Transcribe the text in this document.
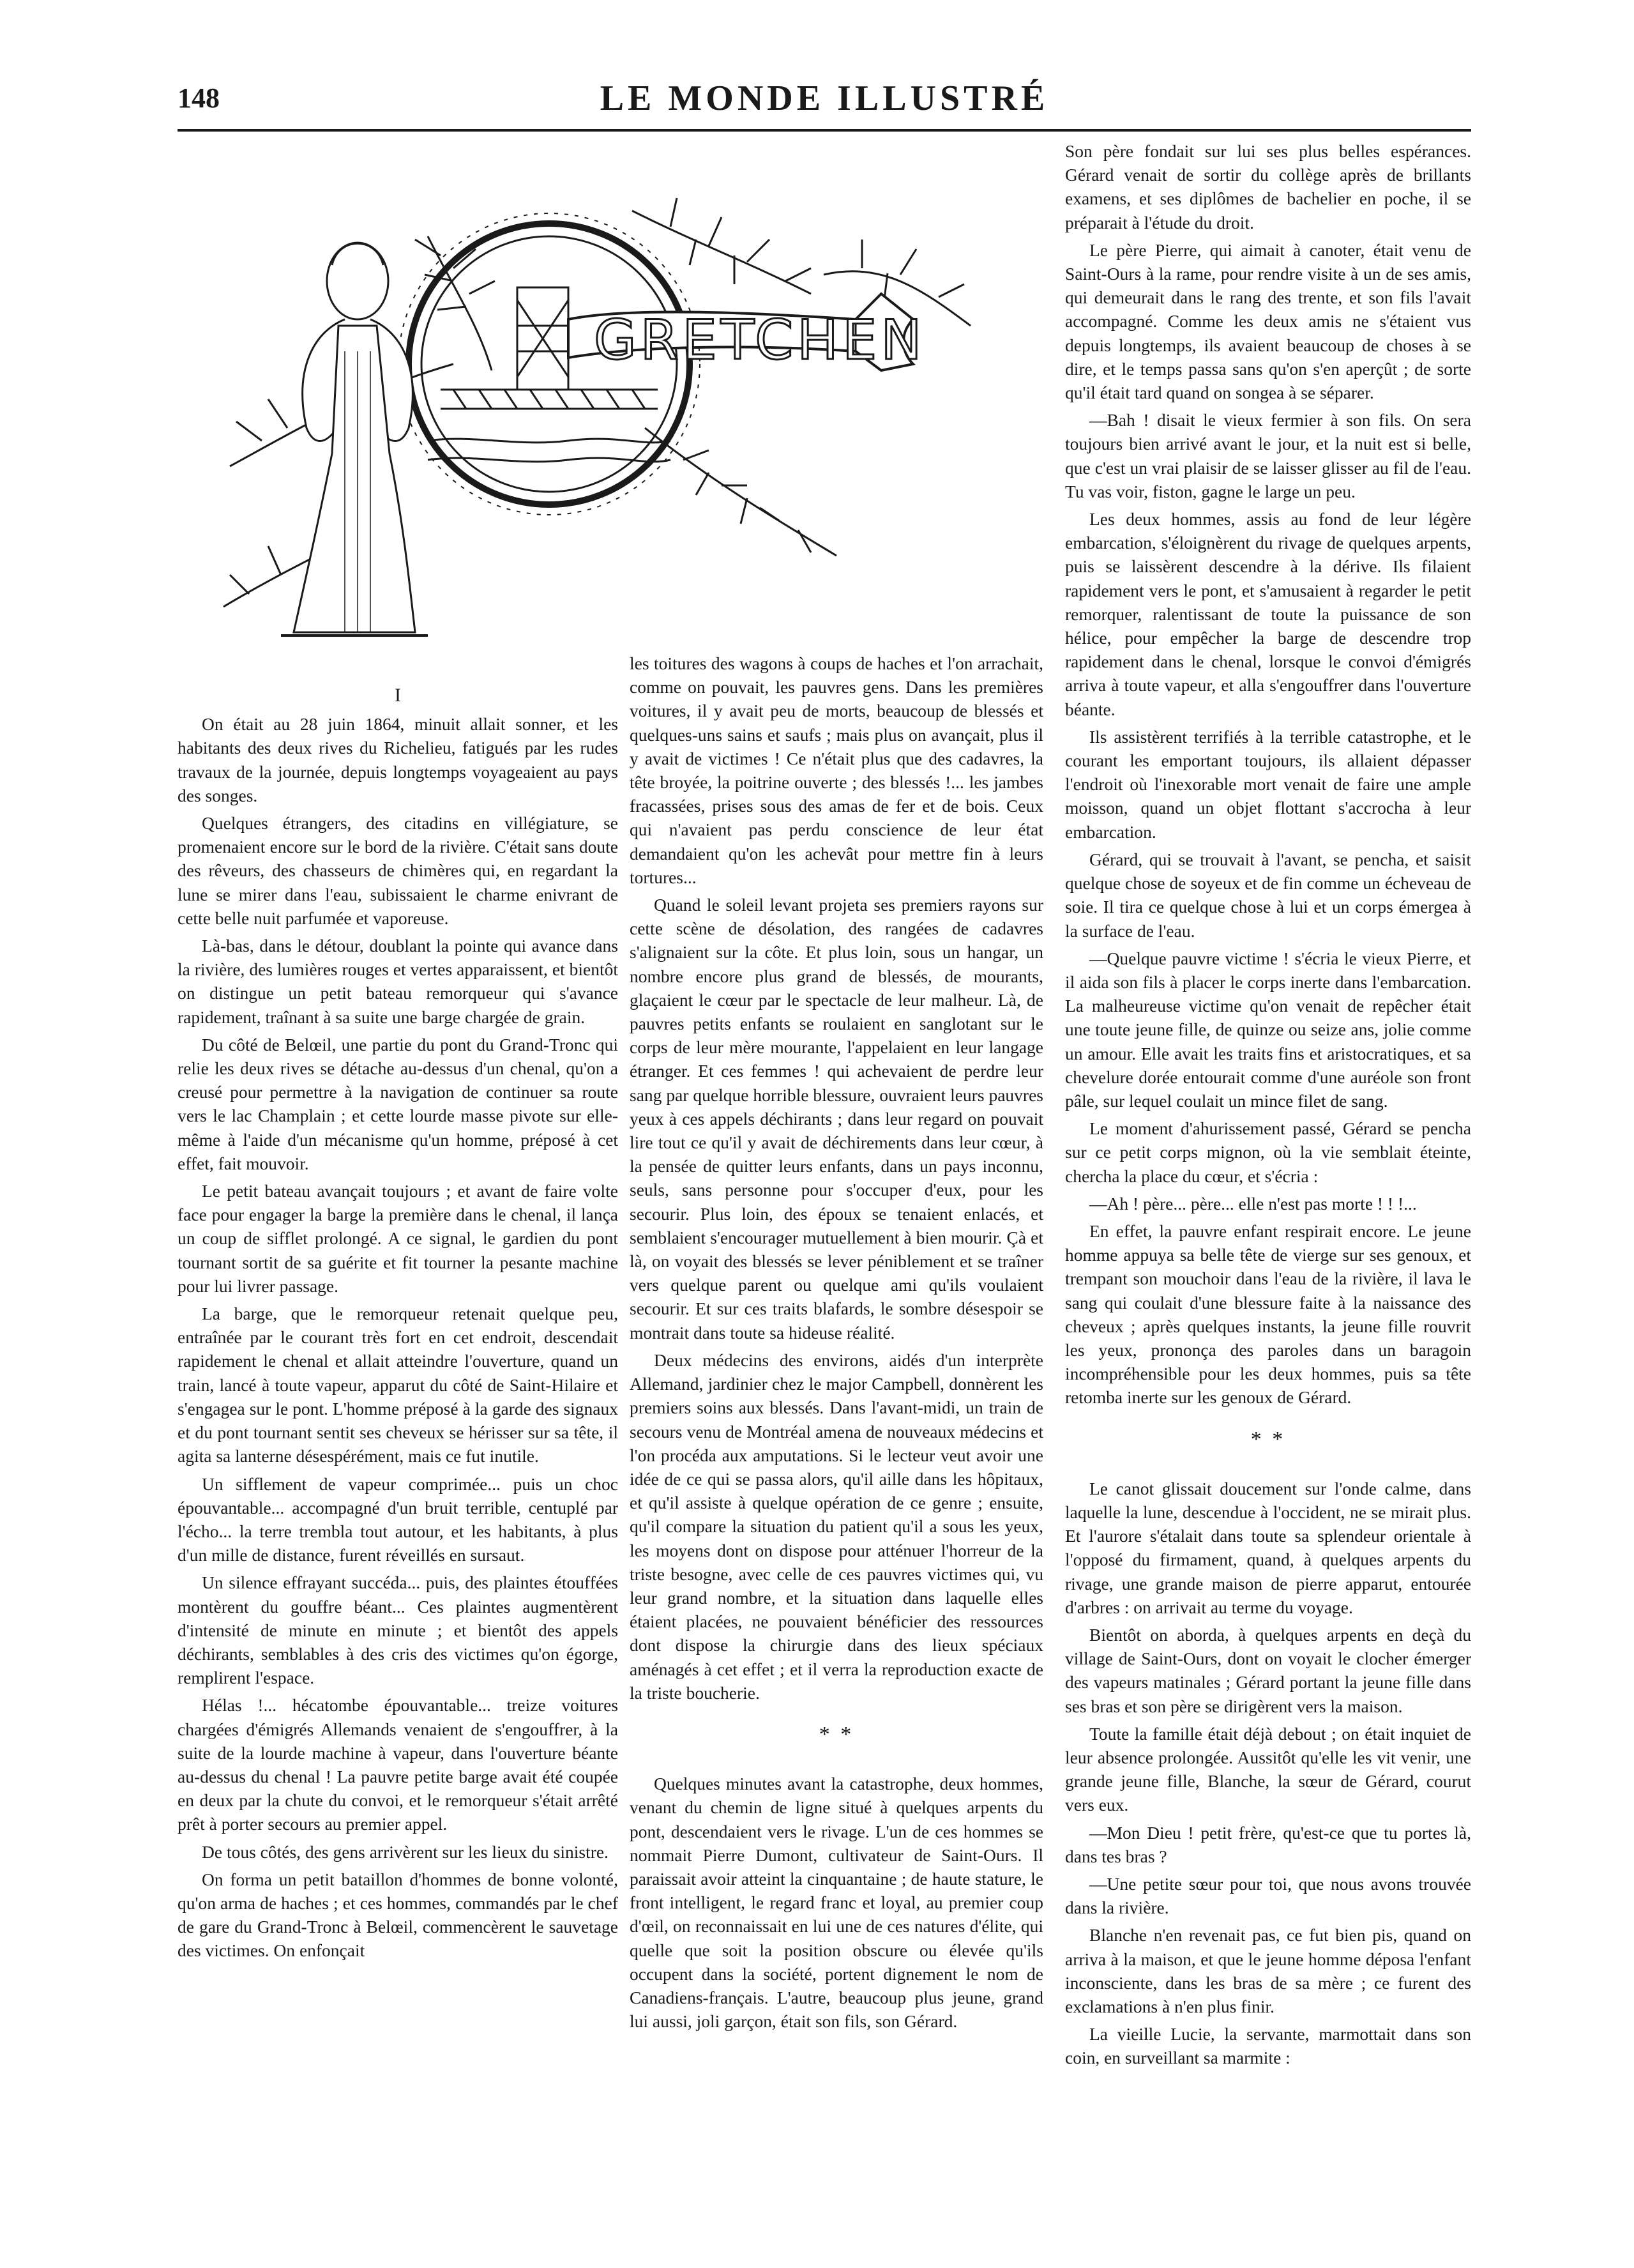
148	LE MONDE ILLUSTRÉ
GRETCHEN
I

On était au 28 juin 1864, minuit allait sonner, et les habitants des deux rives du Richelieu, fatigués par les rudes travaux de la journée, depuis longtemps voyageaient au pays des songes.

Quelques étrangers, des citadins en villégiature, se promenaient encore sur le bord de la rivière. C'était sans doute des rêveurs, des chasseurs de chimères qui, en regardant la lune se mirer dans l'eau, subissaient le charme enivrant de cette belle nuit parfumée et vaporeuse.

Là-bas, dans le détour, doublant la pointe qui avance dans la rivière, des lumières rouges et vertes apparaissent, et bientôt on distingue un petit bateau remorqueur qui s'avance rapidement, traînant à sa suite une barge chargée de grain.

Du côté de Belœil, une partie du pont du Grand-Tronc qui relie les deux rives se détache au-dessus d'un chenal, qu'on a creusé pour permettre à la navigation de continuer sa route vers le lac Champlain ; et cette lourde masse pivote sur elle-même à l'aide d'un mécanisme qu'un homme, préposé à cet effet, fait mouvoir.

Le petit bateau avançait toujours ; et avant de faire volte face pour engager la barge la première dans le chenal, il lança un coup de sifflet prolongé. A ce signal, le gardien du pont tournant sortit de sa guérite et fit tourner la pesante machine pour lui livrer passage.

La barge, que le remorqueur retenait quelque peu, entraînée par le courant très fort en cet endroit, descendait rapidement le chenal et allait atteindre l'ouverture, quand un train, lancé à toute vapeur, apparut du côté de Saint-Hilaire et s'engagea sur le pont. L'homme préposé à la garde des signaux et du pont tournant sentit ses cheveux se hérisser sur sa tête, il agita sa lanterne désespérément, mais ce fut inutile.

Un sifflement de vapeur comprimée... puis un choc épouvantable... accompagné d'un bruit terrible, centuplé par l'écho... la terre trembla tout autour, et les habitants, à plus d'un mille de distance, furent réveillés en sursaut.

Un silence effrayant succéda... puis, des plaintes étouffées montèrent du gouffre béant... Ces plaintes augmentèrent d'intensité de minute en minute ; et bientôt des appels déchirants, semblables à des cris des victimes qu'on égorge, remplirent l'espace.

Hélas !... hécatombe épouvantable... treize voitures chargées d'émigrés Allemands venaient de s'engouffrer, à la suite de la lourde machine à vapeur, dans l'ouverture béante au-dessus du chenal ! La pauvre petite barge avait été coupée en deux par la chute du convoi, et le remorqueur s'était arrêté prêt à porter secours au premier appel.

De tous côtés, des gens arrivèrent sur les lieux du sinistre.

On forma un petit bataillon d'hommes de bonne volonté, qu'on arma de haches ; et ces hommes, commandés par le chef de gare du Grand-Tronc à Belœil, commencèrent le sauvetage des victimes. On enfonçait

les toitures des wagons à coups de haches et l'on arrachait, comme on pouvait, les pauvres gens. Dans les premières voitures, il y avait peu de morts, beaucoup de blessés et quelques-uns sains et saufs ; mais plus on avançait, plus il y avait de victimes ! Ce n'était plus que des cadavres, la tête broyée, la poitrine ouverte ; des blessés !... les jambes fracassées, prises sous des amas de fer et de bois. Ceux qui n'avaient pas perdu conscience de leur état demandaient qu'on les achevât pour mettre fin à leurs tortures...

Quand le soleil levant projeta ses premiers rayons sur cette scène de désolation, des rangées de cadavres s'alignaient sur la côte. Et plus loin, sous un hangar, un nombre encore plus grand de blessés, de mourants, glaçaient le cœur par le spectacle de leur malheur. Là, de pauvres petits enfants se roulaient en sanglotant sur le corps de leur mère mourante, l'appelaient en leur langage étranger. Et ces femmes ! qui achevaient de perdre leur sang par quelque horrible blessure, ouvraient leurs pauvres yeux à ces appels déchirants ; dans leur regard on pouvait lire tout ce qu'il y avait de déchirements dans leur cœur, à la pensée de quitter leurs enfants, dans un pays inconnu, seuls, sans personne pour s'occuper d'eux, pour les secourir. Plus loin, des époux se tenaient enlacés, et semblaient s'encourager mutuellement à bien mourir. Çà et là, on voyait des blessés se lever péniblement et se traîner vers quelque parent ou quelque ami qu'ils voulaient secourir. Et sur ces traits blafards, le sombre désespoir se montrait dans toute sa hideuse réalité.

Deux médecins des environs, aidés d'un interprète Allemand, jardinier chez le major Campbell, donnèrent les premiers soins aux blessés. Dans l'avant-midi, un train de secours venu de Montréal amena de nouveaux médecins et l'on procéda aux amputations. Si le lecteur veut avoir une idée de ce qui se passa alors, qu'il aille dans les hôpitaux, et qu'il assiste à quelque opération de ce genre ; ensuite, qu'il compare la situation du patient qu'il a sous les yeux, les moyens dont on dispose pour atténuer l'horreur de la triste besogne, avec celle de ces pauvres victimes qui, vu leur grand nombre, et la situation dans laquelle elles étaient placées, ne pouvaient bénéficier des ressources dont dispose la chirurgie dans des lieux spéciaux aménagés à cet effet ; et il verra la reproduction exacte de la triste boucherie.

* *

Quelques minutes avant la catastrophe, deux hommes, venant du chemin de ligne situé à quelques arpents du pont, descendaient vers le rivage. L'un de ces hommes se nommait Pierre Dumont, cultivateur de Saint-Ours. Il paraissait avoir atteint la cinquantaine ; de haute stature, le front intelligent, le regard franc et loyal, au premier coup d'œil, on reconnaissait en lui une de ces natures d'élite, qui quelle que soit la position obscure ou élevée qu'ils occupent dans la société, portent dignement le nom de Canadiens-français. L'autre, beaucoup plus jeune, grand lui aussi, joli garçon, était son fils, son Gérard.

Son père fondait sur lui ses plus belles espérances. Gérard venait de sortir du collège après de brillants examens, et ses diplômes de bachelier en poche, il se préparait à l'étude du droit.

Le père Pierre, qui aimait à canoter, était venu de Saint-Ours à la rame, pour rendre visite à un de ses amis, qui demeurait dans le rang des trente, et son fils l'avait accompagné. Comme les deux amis ne s'étaient vus depuis longtemps, ils avaient beaucoup de choses à se dire, et le temps passa sans qu'on s'en aperçût ; de sorte qu'il était tard quand on songea à se séparer.

—Bah ! disait le vieux fermier à son fils. On sera toujours bien arrivé avant le jour, et la nuit est si belle, que c'est un vrai plaisir de se laisser glisser au fil de l'eau. Tu vas voir, fiston, gagne le large un peu.

Les deux hommes, assis au fond de leur légère embarcation, s'éloignèrent du rivage de quelques arpents, puis se laissèrent descendre à la dérive. Ils filaient rapidement vers le pont, et s'amusaient à regarder le petit remorquer, ralentissant de toute la puissance de son hélice, pour empêcher la barge de descendre trop rapidement dans le chenal, lorsque le convoi d'émigrés arriva à toute vapeur, et alla s'engouffrer dans l'ouverture béante.

Ils assistèrent terrifiés à la terrible catastrophe, et le courant les emportant toujours, ils allaient dépasser l'endroit où l'inexorable mort venait de faire une ample moisson, quand un objet flottant s'accrocha à leur embarcation.

Gérard, qui se trouvait à l'avant, se pencha, et saisit quelque chose de soyeux et de fin comme un écheveau de soie. Il tira ce quelque chose à lui et un corps émergea à la surface de l'eau.

—Quelque pauvre victime ! s'écria le vieux Pierre, et il aida son fils à placer le corps inerte dans l'embarcation. La malheureuse victime qu'on venait de repêcher était une toute jeune fille, de quinze ou seize ans, jolie comme un amour. Elle avait les traits fins et aristocratiques, et sa chevelure dorée entourait comme d'une auréole son front pâle, sur lequel coulait un mince filet de sang.

Le moment d'ahurissement passé, Gérard se pencha sur ce petit corps mignon, où la vie semblait éteinte, chercha la place du cœur, et s'écria :

—Ah ! père... père... elle n'est pas morte ! ! !...

En effet, la pauvre enfant respirait encore. Le jeune homme appuya sa belle tête de vierge sur ses genoux, et trempant son mouchoir dans l'eau de la rivière, il lava le sang qui coulait d'une blessure faite à la naissance des cheveux ; après quelques instants, la jeune fille rouvrit les yeux, prononça des paroles dans un baragoin incompréhensible pour les deux hommes, puis sa tête retomba inerte sur les genoux de Gérard.

* *

Le canot glissait doucement sur l'onde calme, dans laquelle la lune, descendue à l'occident, ne se mirait plus. Et l'aurore s'étalait dans toute sa splendeur orientale à l'opposé du firmament, quand, à quelques arpents du rivage, une grande maison de pierre apparut, entourée d'arbres : on arrivait au terme du voyage.

Bientôt on aborda, à quelques arpents en deçà du village de Saint-Ours, dont on voyait le clocher émerger des vapeurs matinales ; Gérard portant la jeune fille dans ses bras et son père se dirigèrent vers la maison.

Toute la famille était déjà debout ; on était inquiet de leur absence prolongée. Aussitôt qu'elle les vit venir, une grande jeune fille, Blanche, la sœur de Gérard, courut vers eux.

—Mon Dieu ! petit frère, qu'est-ce que tu portes là, dans tes bras ?

—Une petite sœur pour toi, que nous avons trouvée dans la rivière.

Blanche n'en revenait pas, ce fut bien pis, quand on arriva à la maison, et que le jeune homme déposa l'enfant inconsciente, dans les bras de sa mère ; ce furent des exclamations à n'en plus finir.

La vieille Lucie, la servante, marmottait dans son coin, en surveillant sa marmite :
